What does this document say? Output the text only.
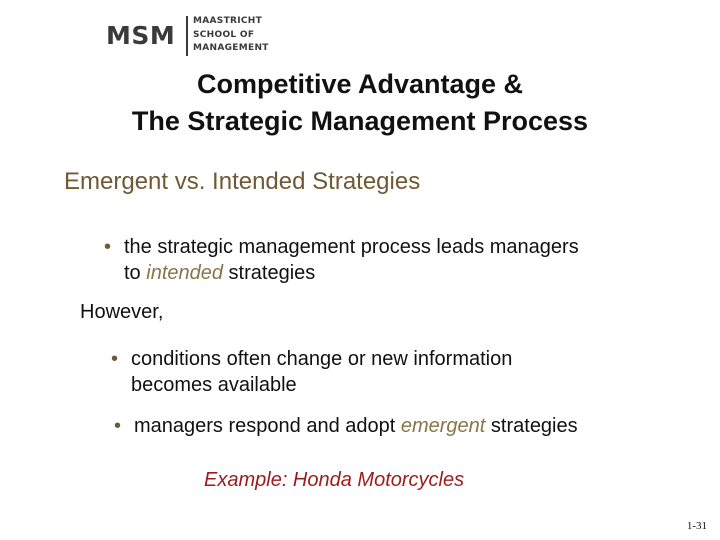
MSM MAASTRICHT
SCHOOL OF
MANAGEMENT
Competitive Advantage &
The Strategic Management Process
Emergent vs. Intended Strategies
• the strategic management process leads managers
to intended strategies
However,
• conditions often change or new information
becomes available
• managers respond and adopt emergent strategies
Example: Honda Motorcycles
1-31
